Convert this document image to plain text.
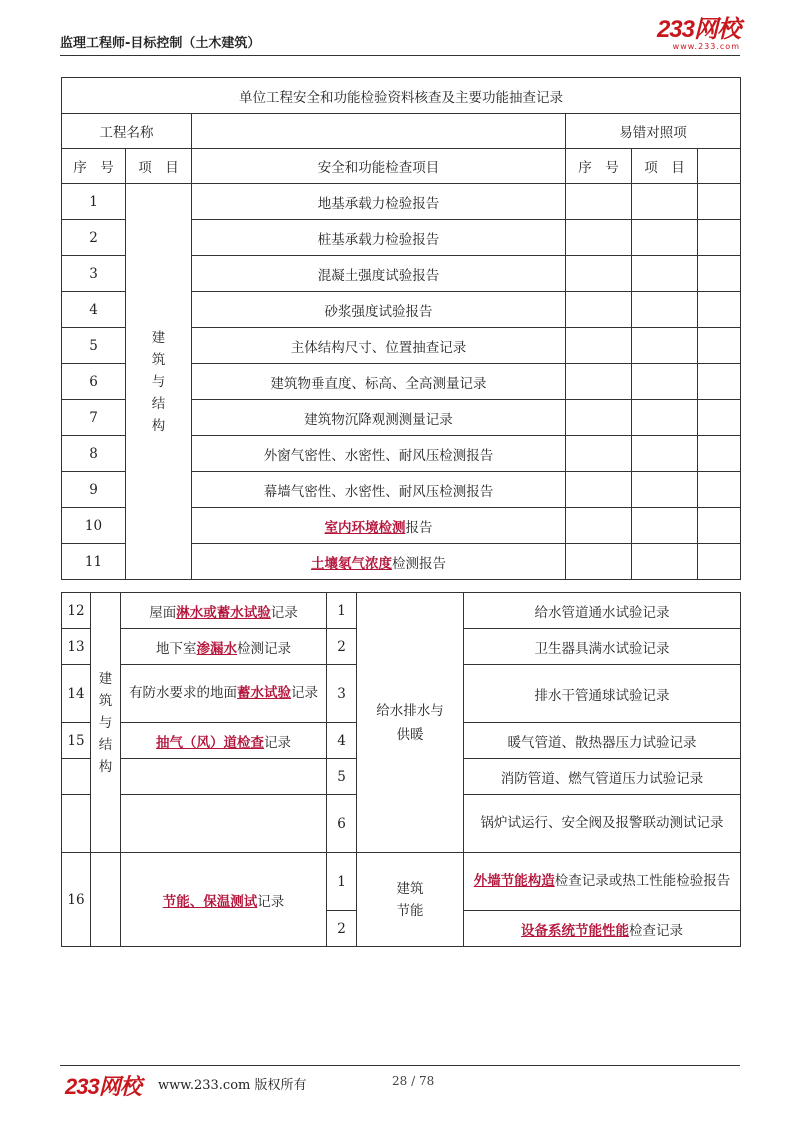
监理工程师-目标控制（土木建筑）
233网校
www.233.com
单位工程安全和功能检验资料核查及主要功能抽查记录					
工程名称			易错对照项		
序　号	项　目	安全和功能检查项目	序　号	项　目	
1	建筑与结构	地基承载力检验报告			
2		桩基承载力检验报告			
3		混凝土强度试验报告			
4		砂浆强度试验报告			
5		主体结构尺寸、位置抽查记录			
6		建筑物垂直度、标高、全高测量记录			
7		建筑物沉降观测测量记录			
8		外窗气密性、水密性、耐风压检测报告			
9		幕墙气密性、水密性、耐风压检测报告			
10		室内环境检测报告			
11		土壤氡气浓度检测报告			
12	建筑与结构	屋面淋水或蓄水试验记录	1	给水排水与供暖	给水管道通水试验记录
13		地下室渗漏水检测记录	2		卫生器具满水试验记录
14		有防水要求的地面蓄水试验记录	3		排水干管通球试验记录
15		抽气（风）道检查记录	4		暖气管道、散热器压力试验记录
			5		消防管道、燃气管道压力试验记录
			6		锅炉试运行、安全阀及报警联动测试记录
16		节能、保温测试记录	1	建筑节能	外墙节能构造检查记录或热工性能检验报告
			2		设备系统节能性能检查记录
233网校 www.233.com 版权所有	28 / 78
